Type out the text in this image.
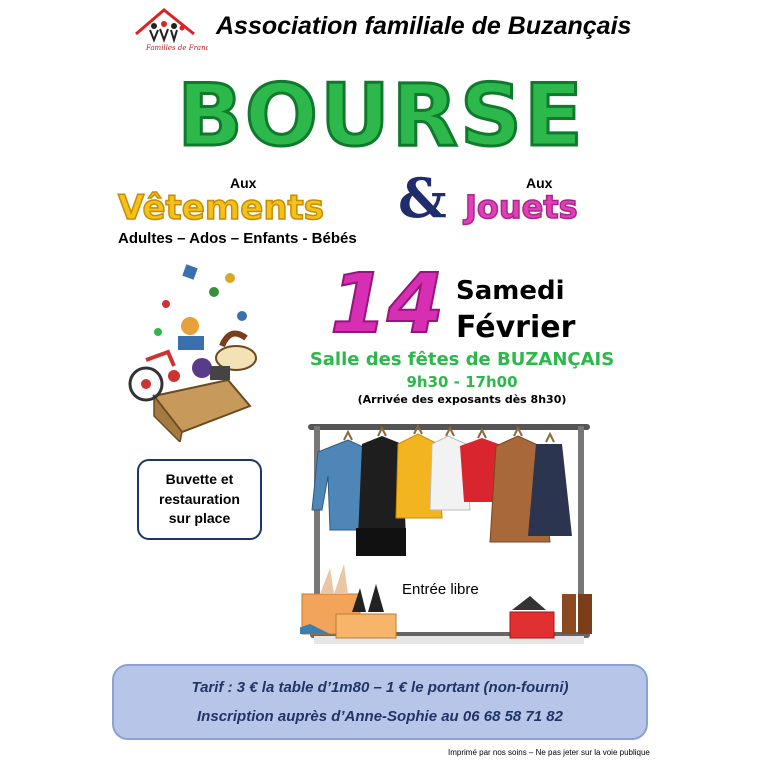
Familles de France
Association familiale de Buzançais
BOURSE
Aux
Vêtements
Adultes – Ados – Enfants - Bébés
&	Aux
Jouets
14 Samedi
Février
Salle des fêtes de BUZANÇAIS
9h30 - 17h00
(Arrivée des exposants dès 8h30)
Buvette et
restauration
sur place
Entrée libre
Tarif : 3 € la table d’1m80 – 1 € le portant (non-fourni)
Inscription auprès d’Anne-Sophie au 06 68 58 71 82
Imprimé par nos soins – Ne pas jeter sur la voie publique
